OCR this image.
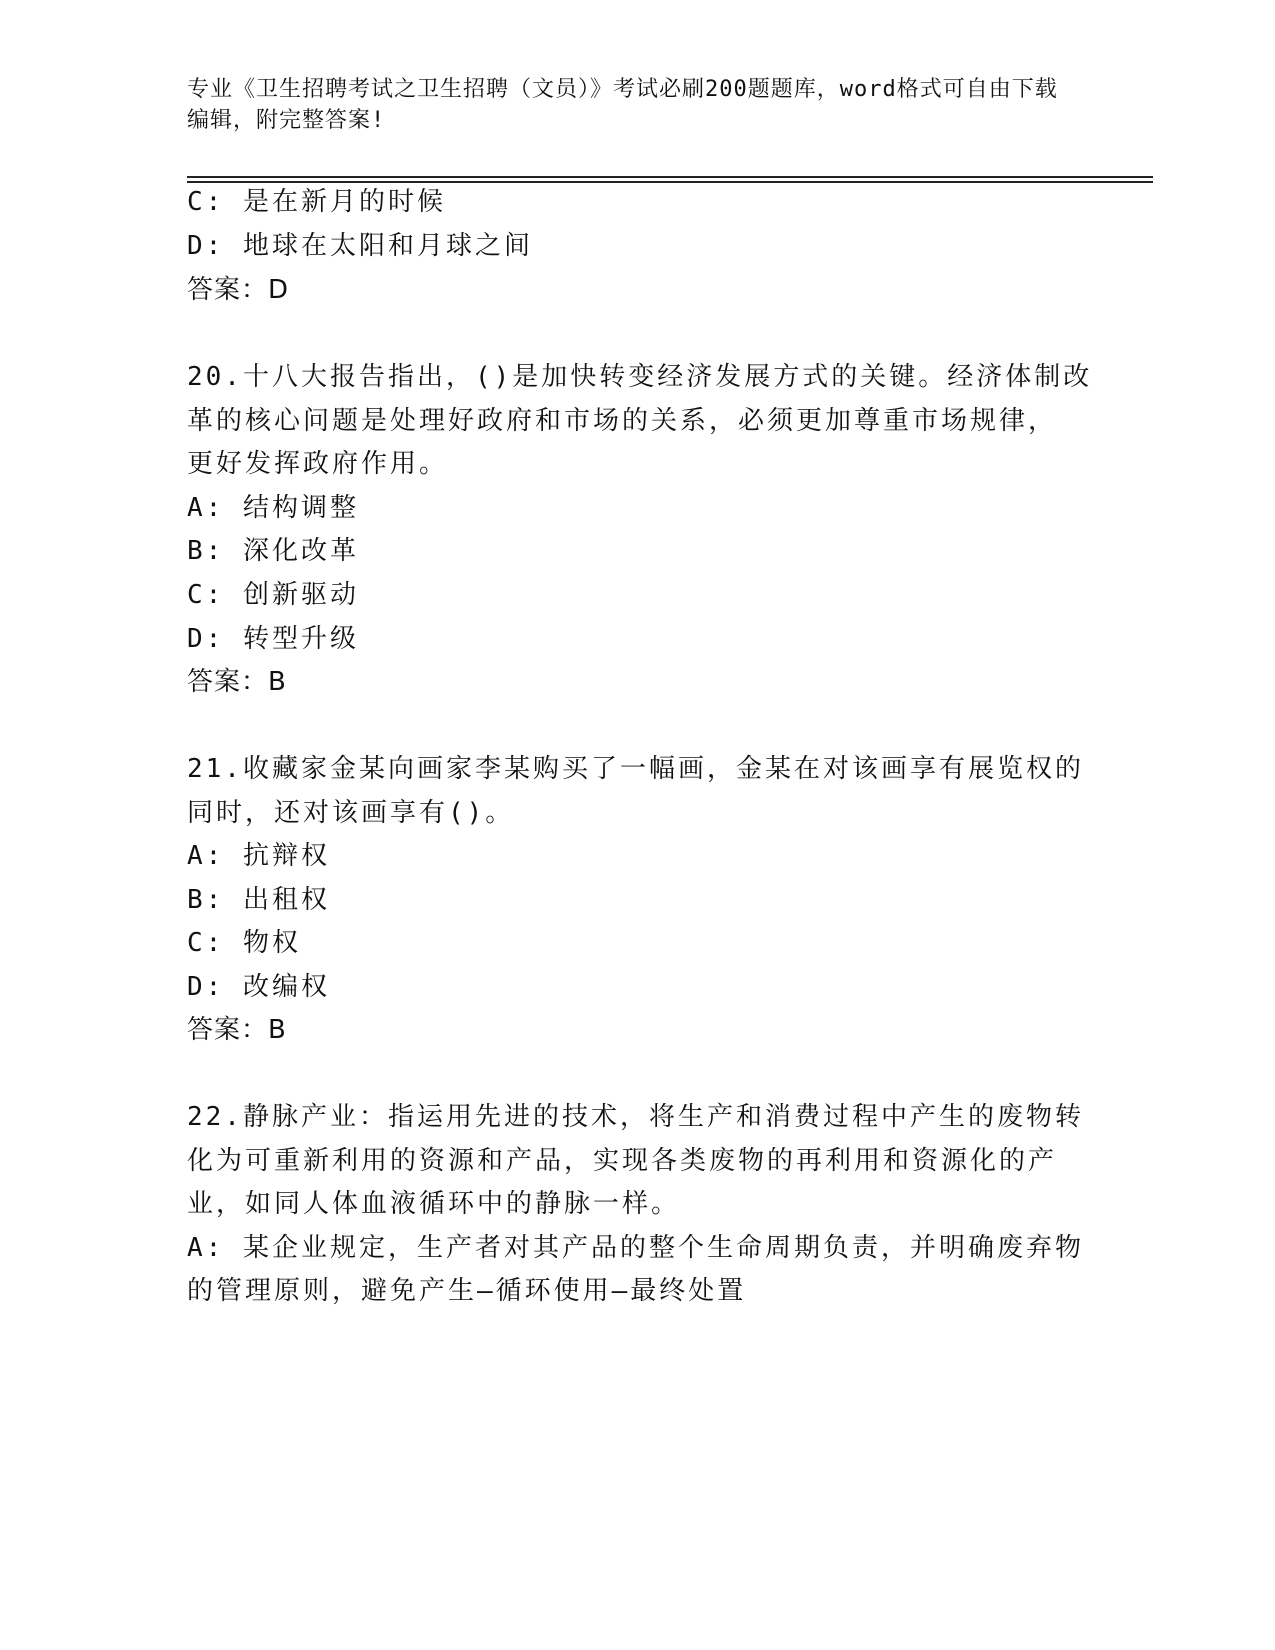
专业《卫生招聘考试之卫生招聘（文员）》考试必刷200题题库，word格式可自由下载编辑，附完整答案!
C: 是在新月的时候
D: 地球在太阳和月球之间
答案：D
20.十八大报告指出，()是加快转变经济发展方式的关键。经济体制改
革的核心问题是处理好政府和市场的关系，必须更加尊重市场规律，
更好发挥政府作用。
A: 结构调整
B: 深化改革
C: 创新驱动
D: 转型升级
答案：B
21.收藏家金某向画家李某购买了一幅画，金某在对该画享有展览权的
同时，还对该画享有()。
A: 抗辩权
B: 出租权
C: 物权
D: 改编权
答案：B
22.静脉产业：指运用先进的技术，将生产和消费过程中产生的废物转
化为可重新利用的资源和产品，实现各类废物的再利用和资源化的产
业，如同人体血液循环中的静脉一样。
A: 某企业规定，生产者对其产品的整个生命周期负责，并明确废弃物
的管理原则，避免产生—循环使用—最终处置
